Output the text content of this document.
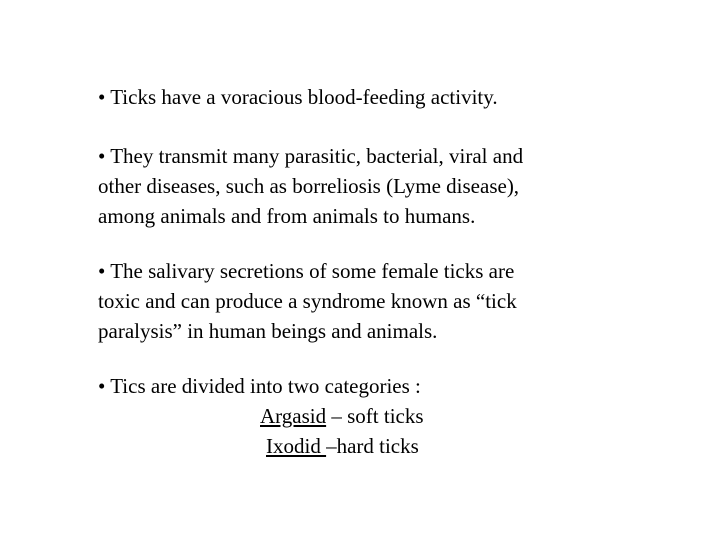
• Ticks have a voracious blood-feeding activity.

• They transmit many parasitic, bacterial, viral and
other diseases, such as borreliosis (Lyme disease),
among animals and from animals to humans.

• The salivary secretions of some female ticks are
toxic and can produce a syndrome known as “tick
paralysis” in human beings and animals.

• Tics are divided into two categories :
Argasid – soft ticks
Ixodid –hard ticks
